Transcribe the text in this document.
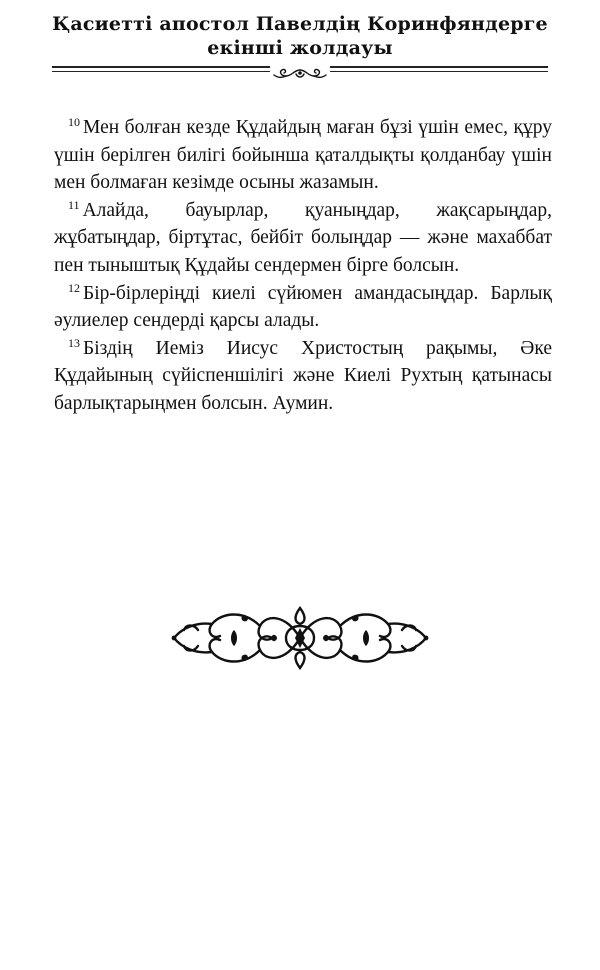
Қасиетті апостол Павелдің Коринфяндерге
екінші жолдауы

$^{10}$ Мен болған кезде Құдайдың маған бұзі үшін емес, құру үшін берілген билігі бойынша қаталдықты қолданбау үшін мен болмаған кезімде осыны жазамын.

$^{11}$ Алайда, бауырлар, қуаныңдар, жақсарыңдар, жұбатыңдар, біртұтас, бейбіт болыңдар — және махаббат пен тыныштық Құдайы сендермен бірге болсын.

$^{12}$ Бір-бірлеріңді киелі сүйюмен амандасыңдар. Барлық әулиелер сендерді қарсы алады.

$^{13}$ Біздің Иеміз Иисус Христостың рақымы, Әке Құдайының сүйіспеншілігі және Киелі Рухтың қатынасы барлықтарыңмен болсын. Аумин.
